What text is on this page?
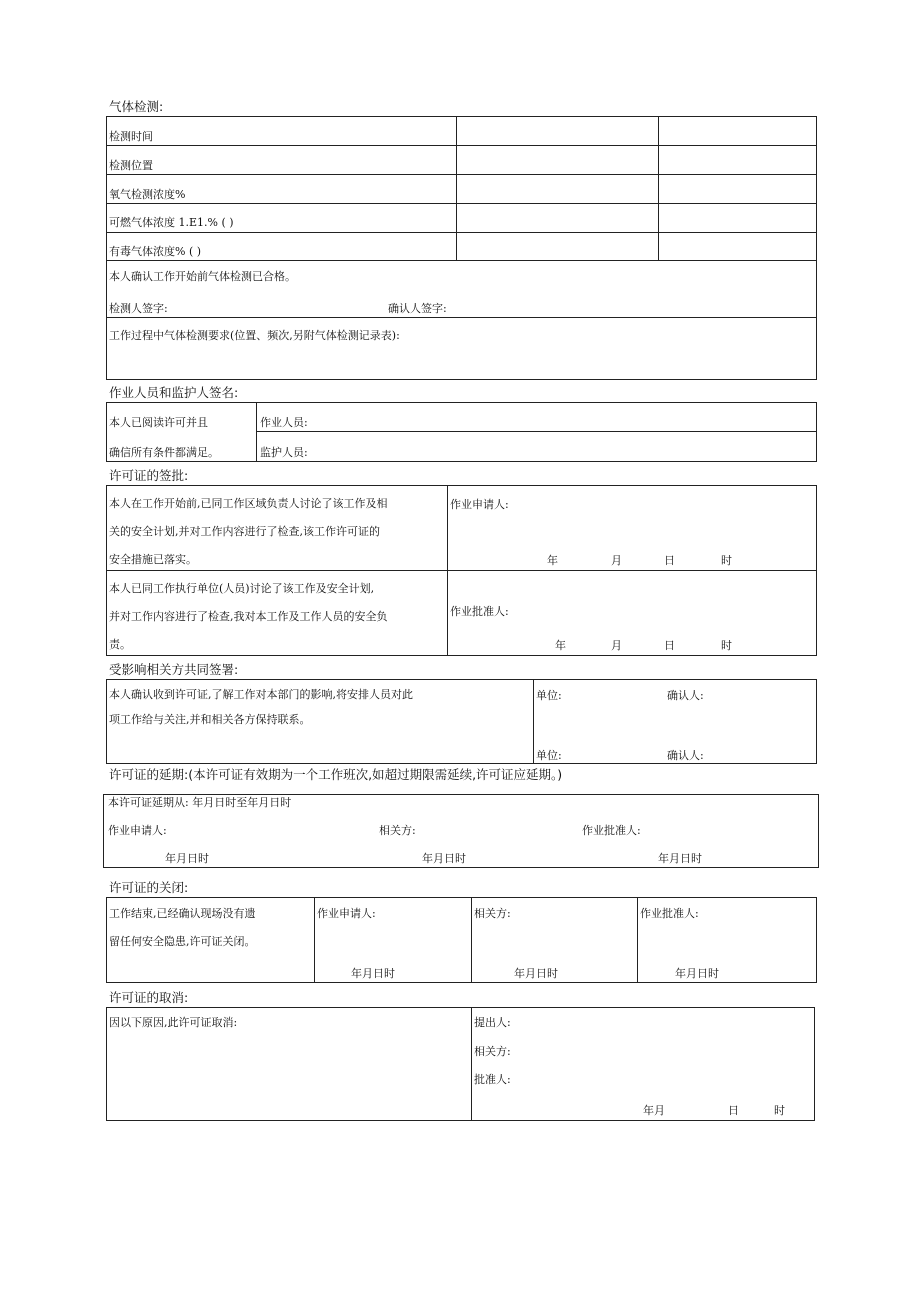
气体检测:
检测时间
检测位置
氧气检测浓度%
可燃气体浓度 1.E1.% ( )
有毒气体浓度% ( )
本人确认工作开始前气体检测已合格。
检测人签字:	确认人签字:
工作过程中气体检测要求(位置、频次,另附气体检测记录表):
作业人员和监护人签名:
本人已阅读许可并且
确信所有条件都满足。
作业人员:
监护人员:
许可证的签批:
本人在工作开始前,已同工作区域负责人讨论了该工作及相
关的安全计划,并对工作内容进行了检查,该工作许可证的
安全措施已落实。
作业申请人:
年	月	日	时
本人已同工作执行单位(人员)讨论了该工作及安全计划,
并对工作内容进行了检查,我对本工作及工作人员的安全负
责。
作业批准人:
年	月	日	时
受影响相关方共同签署:
本人确认收到许可证,了解工作对本部门的影响,将安排人员对此
项工作给与关注,并和相关各方保持联系。
单位:	确认人:
单位:	确认人:
许可证的延期:(本许可证有效期为一个工作班次,如超过期限需延续,许可证应延期。)
本许可证延期从: 年月日时至年月日时
作业申请人:	相关方:	作业批准人:
年月日时	年月日时	年月日时
许可证的关闭:
工作结束,已经确认现场没有遗
留任何安全隐患,许可证关闭。
作业申请人:	相关方:	作业批准人:
年月日时	年月日时	年月日时
许可证的取消:
因以下原因,此许可证取消:	提出人:
相关方:
批准人:
年月	日	时
